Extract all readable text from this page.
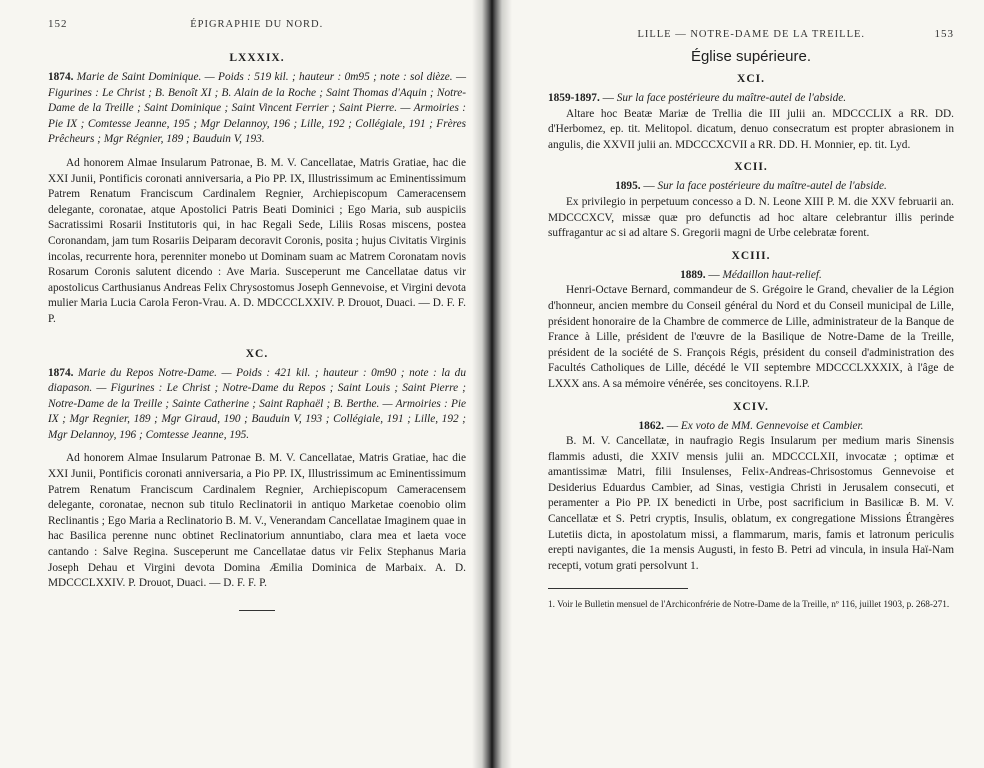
152	ÉPIGRAPHIE DU NORD.
LXXXIX.

1874. Marie de Saint Dominique. — Poids : 519 kil. ; hauteur : 0m95 ; note : sol dièze. — Figurines : Le Christ ; B. Benoît XI ; B. Alain de la Roche ; Saint Thomas d'Aquin ; Notre-Dame de la Treille ; Saint Dominique ; Saint Vincent Ferrier ; Saint Pierre. — Armoiries : Pie IX ; Comtesse Jeanne, 195 ; Mgr Delannoy, 196 ; Lille, 192 ; Collégiale, 191 ; Frères Prêcheurs ; Mgr Régnier, 189 ; Bauduin V, 193.

Ad honorem Almae Insularum Patronae, B. M. V. Cancellatae, Matris Gratiae, hac die XXI Junii, Pontificis coronati anniversaria, a Pio PP. IX, Illustrissimum ac Eminentissimum Patrem Renatum Franciscum Cardinalem Regnier, Archiepiscopum Cameracensem delegante, coronatae, atque Apostolici Patris Beati Dominici ; Ego Maria, sub auspiciis Sacratissimi Rosarii Institutoris qui, in hac Regali Sede, Liliis Rosas miscens, postea Coronandam, jam tum Rosariis Deiparam decoravit Coronis, posita ; hujus Civitatis Virginis incolas, recurrente hora, perenniter monebo ut Dominam suam ac Matrem Coronatam novis Rosarum Coronis salutent dicendo : Ave Maria. Susceperunt me Cancellatae datus vir apostolicus Carthusianus Andreas Felix Chrysostomus Joseph Gennevoise, et Virgini devota mulier Maria Lucia Carola Feron-Vrau. A. D. MDCCCLXXIV. P. Drouot, Duaci. — D. F. F. P.

XC.

1874. Marie du Repos Notre-Dame. — Poids : 421 kil. ; hauteur : 0m90 ; note : la du diapason. — Figurines : Le Christ ; Notre-Dame du Repos ; Saint Louis ; Saint Pierre ; Notre-Dame de la Treille ; Sainte Catherine ; Saint Raphaël ; B. Berthe. — Armoiries : Pie IX ; Mgr Regnier, 189 ; Mgr Giraud, 190 ; Bauduin V, 193 ; Collégiale, 191 ; Lille, 192 ; Mgr Delannoy, 196 ; Comtesse Jeanne, 195.

Ad honorem Almae Insularum Patronae B. M. V. Cancellatae, Matris Gratiae, hac die XXI Junii, Pontificis coronati anniversaria, a Pio PP. IX, Illustrissimum ac Eminentissimum Patrem Renatum Franciscum Cardinalem Regnier, Archiepiscopum Cameracensem delegante, coronatae, necnon sub titulo Reclinatorii in antiquo Marketae coenobio olim Reclinantis ; Ego Maria a Reclinatorio B. M. V., Venerandam Cancellatae Imaginem quae in hac Basilica perenne nunc obtinet Reclinatorium annuntiabo, clara mea et laeta voce cantando : Salve Regina. Susceperunt me Cancellatae datus vir Felix Stephanus Maria Joseph Dehau et Virgini devota Domina Æmilia Dominica de Marbaix. A. D. MDCCCLXXIV. P. Drouot, Duaci. — D. F. F. P.

LILLE — NOTRE-DAME DE LA TREILLE.	153
Église supérieure.
XCI.

1859-1897. — Sur la face postérieure du maître-autel de l'abside.

Altare hoc Beatæ Mariæ de Trellia die III julii an. MDCCCLIX a RR. DD. d'Herbomez, ep. tit. Melitopol. dicatum, denuo consecratum est propter abrasionem in angulis, die XXVII julii an. MDCCCXCVII a RR. DD. H. Monnier, ep. tit. Lyd.

XCII.

1895. — Sur la face postérieure du maître-autel de l'abside.

Ex privilegio in perpetuum concesso a D. N. Leone XIII P. M. die XXV februarii an. MDCCCXCV, missæ quæ pro defunctis ad hoc altare celebrantur illis perinde suffragantur ac si ad altare S. Gregorii magni de Urbe celebratæ forent.

XCIII.

1889. — Médaillon haut-relief.

Henri-Octave Bernard, commandeur de S. Grégoire le Grand, chevalier de la Légion d'honneur, ancien membre du Conseil général du Nord et du Conseil municipal de Lille, président honoraire de la Chambre de commerce de Lille, administrateur de la Banque de France à Lille, président de l'œuvre de la Basilique de Notre-Dame de la Treille, président de la société de S. François Régis, président du conseil d'administration des Facultés Catholiques de Lille, décédé le VII septembre MDCCCLXXXIX, à l'âge de LXXX ans. A sa mémoire vénérée, ses concitoyens. R.I.P.

XCIV.

1862. — Ex voto de MM. Gennevoise et Cambier.

B. M. V. Cancellatæ, in naufragio Regis Insularum per medium maris Sinensis flammis adusti, die XXIV mensis julii an. MDCCCLXII, invocatæ ; optimæ et amantissimæ Matri, filii Insulenses, Felix-Andreas-Chrisostomus Gennevoise et Desiderius Eduardus Cambier, ad Sinas, vestigia Christi in Jerusalem consecuti, et peramenter a Pio PP. IX benedicti in Urbe, post sacrificium in Basilicæ B. M. V. Cancellatæ et S. Petri cryptis, Insulis, oblatum, ex congregatione Missions Étrangères Lutetiis dicta, in apostolatum missi, a flammarum, maris, famis et latronum periculis erepti navigantes, die 1a mensis Augusti, in festo B. Petri ad vincula, in insula Haï-Nam recepti, votum grati persolvunt 1.

1. Voir le Bulletin mensuel de l'Archiconfrérie de Notre-Dame de la Treille, nº 116, juillet 1903, p. 268-271.
